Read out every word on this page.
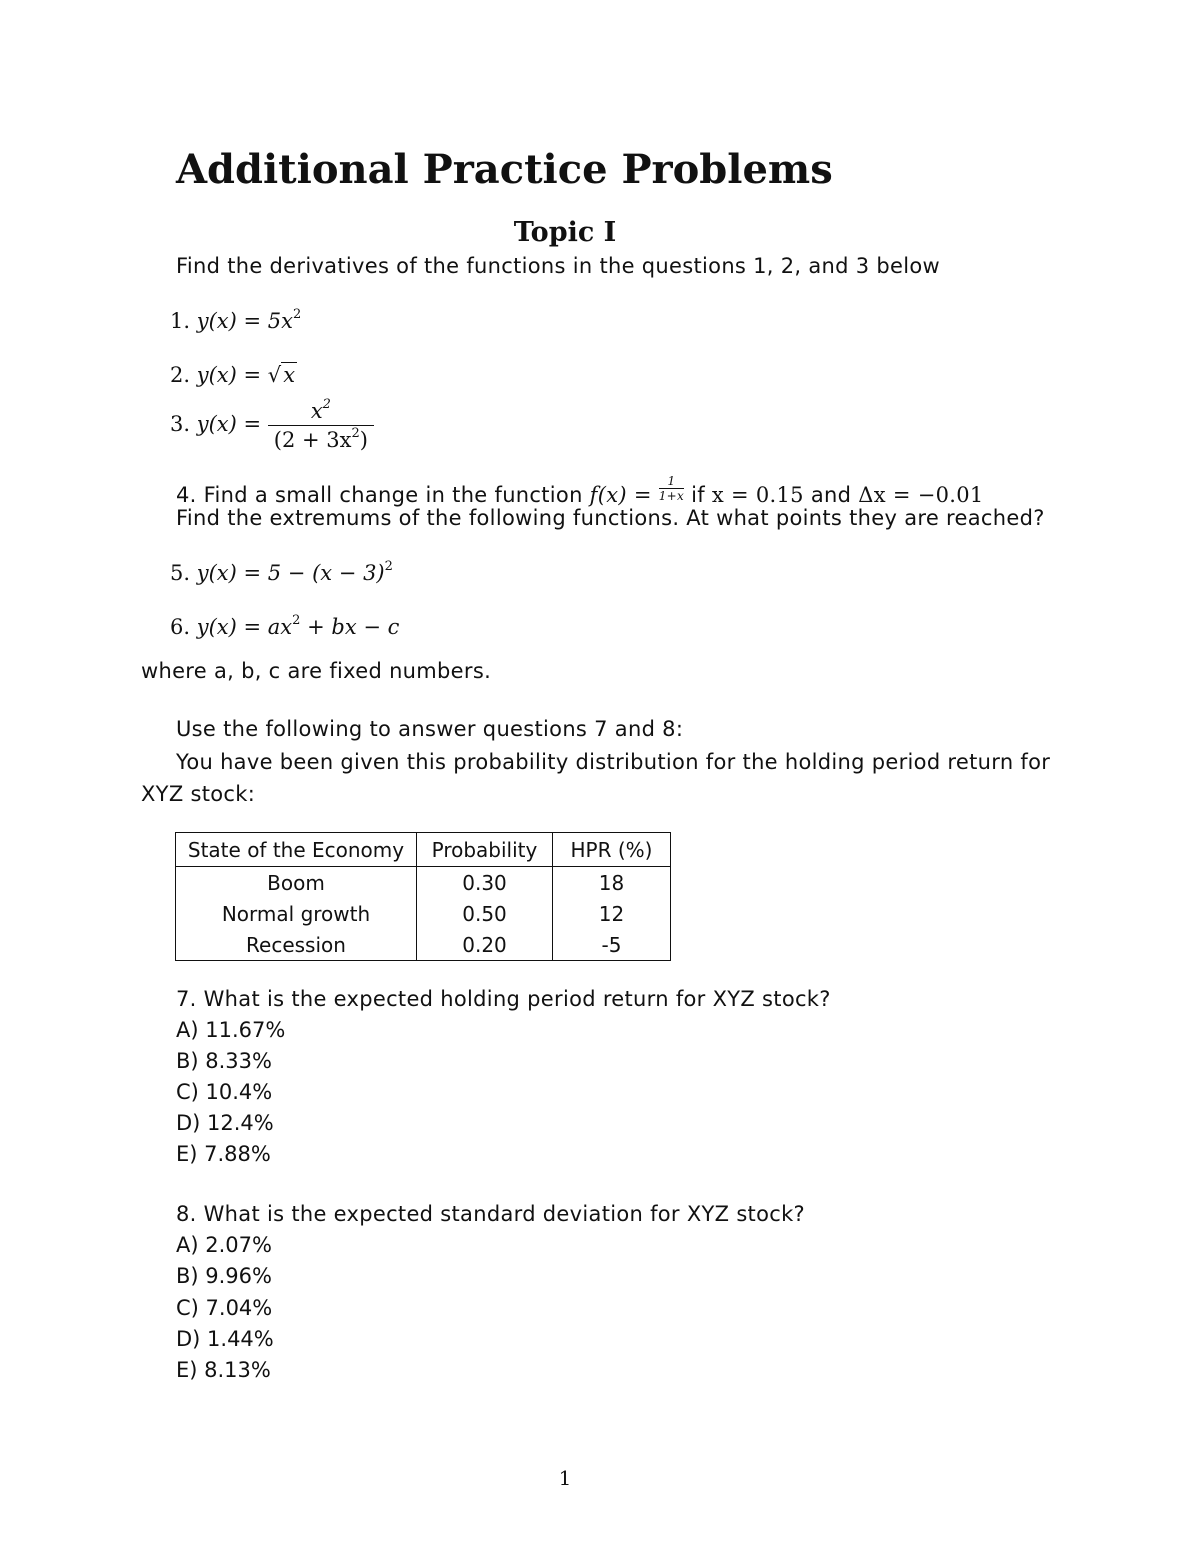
Additional Practice Problems
Topic I
Find the derivatives of the functions in the questions 1, 2, and 3 below
1. $y(x) = 5x^2$
2. y(x) = √x
3. $y(x) = \frac{x^2}{(2 + 3x^2)}$
4. Find a small change in the function $f(x) = \frac{1}{1+x}$ if x = 0.15 and Δx = −0.01
Find the extremums of the following functions. At what points they are reached?
5. $y(x) = 5 - (x - 3)^2$
6. $y(x) = ax^2$ + bx − c
where a, b, c are fixed numbers.
Use the following to answer questions 7 and 8:
You have been given this probability distribution for the holding period return for
XYZ stock:
State of the Economy	Probability	HPR (%)
Boom	0.30	18
Normal growth	0.50	12
Recession	0.20	-5
7. What is the expected holding period return for XYZ stock?
A) 11.67%
B) 8.33%
C) 10.4%
D) 12.4%
E) 7.88%
8. What is the expected standard deviation for XYZ stock?
A) 2.07%
B) 9.96%
C) 7.04%
D) 1.44%
E) 8.13%
1
